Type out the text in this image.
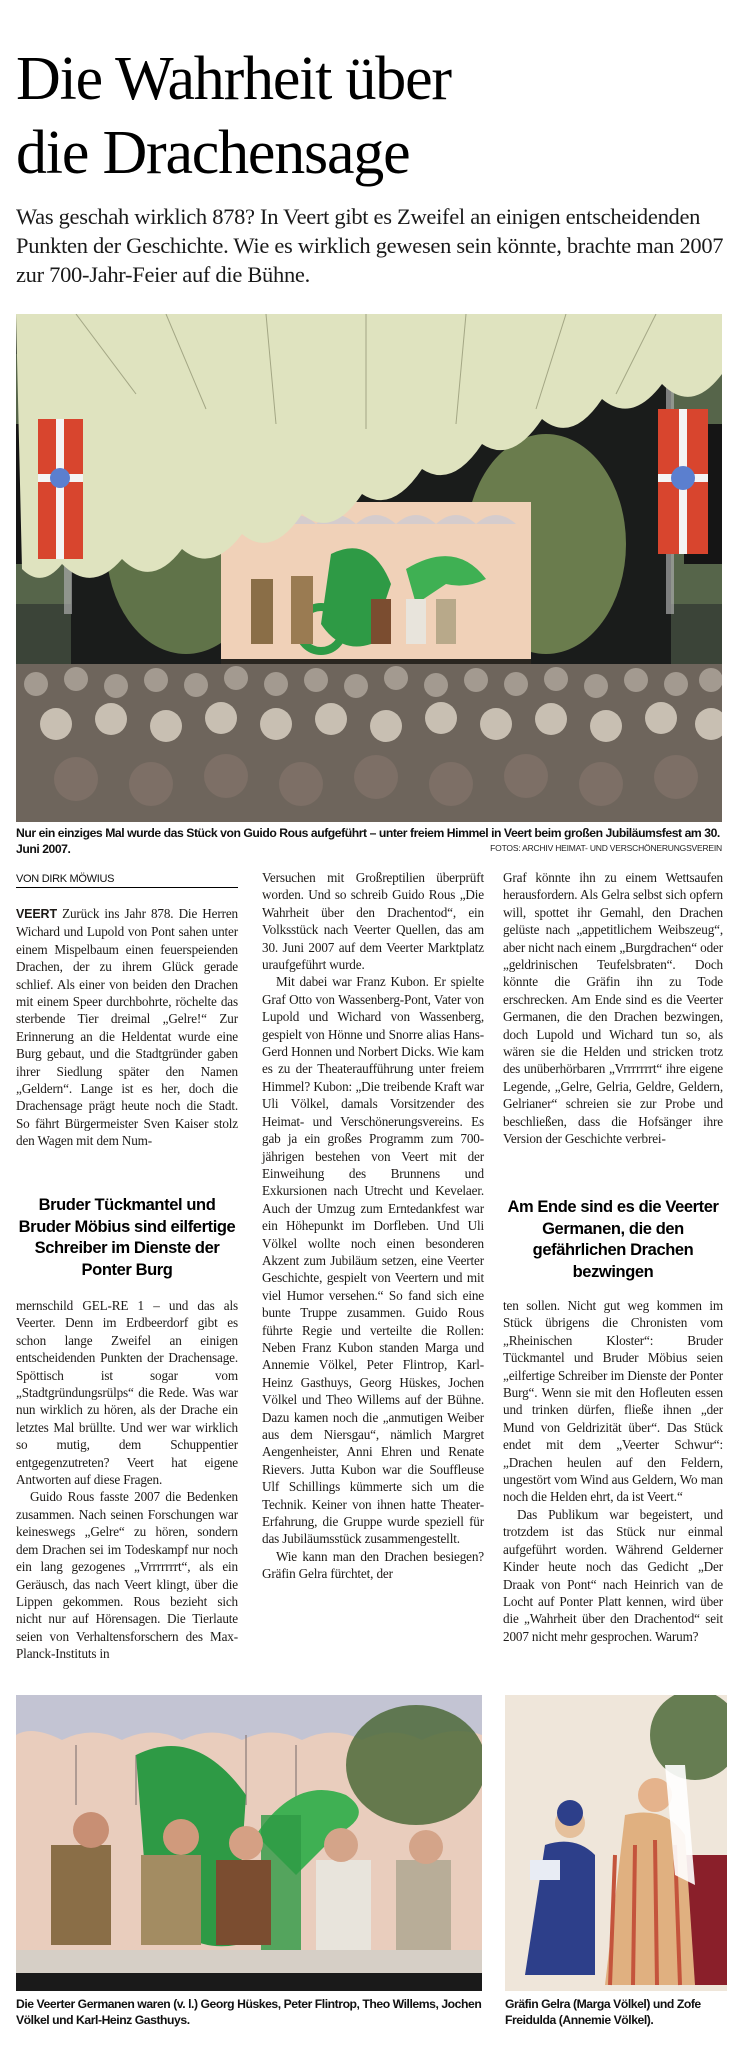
Die Wahrheit über
die Drachensage

Was geschah wirklich 878? In Veert gibt es Zweifel an einigen entscheidenden Punkten der Geschichte. Wie es wirklich gewesen sein könnte, brachte man 2007 zur 700-Jahr-Feier auf die Bühne.

Nur ein einziges Mal wurde das Stück von Guido Rous aufgeführt – unter freiem Himmel in Veert beim großen Jubiläumsfest am 30. Juni 2007.	FOTOS: ARCHIV HEIMAT- UND VERSCHÖNERUNGSVEREIN
VON DIRK MÖWIUS

VEERT Zurück ins Jahr 878. Die Herren Wichard und Lupold von Pont sahen unter einem Mispelbaum einen feuerspeienden Drachen, der zu ihrem Glück gerade schlief. Als einer von beiden den Drachen mit einem Speer durchbohrte, röchelte das sterbende Tier dreimal „Gelre!“ Zur Erinnerung an die Heldentat wurde eine Burg gebaut, und die Stadtgründer gaben ihrer Siedlung später den Namen „Geldern“. Lange ist es her, doch die Drachensage prägt heute noch die Stadt. So fährt Bürgermeister Sven Kaiser stolz den Wagen mit dem Num-

Bruder Tückmantel und Bruder Möbius sind eilfertige Schreiber im Dienste der Ponter Burg

mernschild GEL-RE 1 – und das als Veerter. Denn im Erdbeerdorf gibt es schon lange Zweifel an einigen entscheidenden Punkten der Drachensage. Spöttisch ist sogar vom „Stadtgründungsrülps“ die Rede. Was war nun wirklich zu hören, als der Drache ein letztes Mal brüllte. Und wer war wirklich so mutig, dem Schuppentier entgegenzutreten? Veert hat eigene Antworten auf diese Fragen.

Guido Rous fasste 2007 die Bedenken zusammen. Nach seinen Forschungen war keineswegs „Gelre“ zu hören, sondern dem Drachen sei im Todeskampf nur noch ein lang gezogenes „Vrrrrrrrt“, als ein Geräusch, das nach Veert klingt, über die Lippen gekommen. Rous bezieht sich nicht nur auf Hörensagen. Die Tierlaute seien von Verhaltensforschern des Max-Planck-Instituts in

Versuchen mit Großreptilien überprüft worden. Und so schreib Guido Rous „Die Wahrheit über den Drachentod“, ein Volksstück nach Veerter Quellen, das am 30. Juni 2007 auf dem Veerter Marktplatz uraufgeführt wurde.

Mit dabei war Franz Kubon. Er spielte Graf Otto von Wassenberg-Pont, Vater von Lupold und Wichard von Wassenberg, gespielt von Hönne und Snorre alias Hans-Gerd Honnen und Norbert Dicks. Wie kam es zu der Theateraufführung unter freiem Himmel? Kubon: „Die treibende Kraft war Uli Völkel, damals Vorsitzender des Heimat- und Verschönerungsvereins. Es gab ja ein großes Programm zum 700-jährigen bestehen von Veert mit der Einweihung des Brunnens und Exkursionen nach Utrecht und Kevelaer. Auch der Umzug zum Erntedankfest war ein Höhepunkt im Dorfleben. Und Uli Völkel wollte noch einen besonderen Akzent zum Jubiläum setzen, eine Veerter Geschichte, gespielt von Veertern und mit viel Humor versehen.“ So fand sich eine bunte Truppe zusammen. Guido Rous führte Regie und verteilte die Rollen: Neben Franz Kubon standen Marga und Annemie Völkel, Peter Flintrop, Karl-Heinz Gasthuys, Georg Hüskes, Jochen Völkel und Theo Willems auf der Bühne. Dazu kamen noch die „anmutigen Weiber aus dem Niersgau“, nämlich Margret Aengenheister, Anni Ehren und Renate Rievers. Jutta Kubon war die Souffleuse Ulf Schillings kümmerte sich um die Technik. Keiner von ihnen hatte Theater-Erfahrung, die Gruppe wurde speziell für das Jubiläumsstück zusammengestellt.

Wie kann man den Drachen besiegen? Gräfin Gelra fürchtet, der

Graf könnte ihn zu einem Wettsaufen herausfordern. Als Gelra selbst sich opfern will, spottet ihr Gemahl, den Drachen gelüste nach „appetitlichem Weibszeug“, aber nicht nach einem „Burgdrachen“ oder „geldrinischen Teufelsbraten“. Doch könnte die Gräfin ihn zu Tode erschrecken. Am Ende sind es die Veerter Germanen, die den Drachen bezwingen, doch Lupold und Wichard tun so, als wären sie die Helden und stricken trotz des unüberhörbaren „Vrrrrrrrt“ ihre eigene Legende, „Gelre, Gelria, Geldre, Geldern, Gelrianer“ schreien sie zur Probe und beschließen, dass die Hofsänger ihre Version der Geschichte verbrei-

Am Ende sind es die Veerter Germanen, die den gefährlichen Drachen bezwingen

ten sollen. Nicht gut weg kommen im Stück übrigens die Chronisten vom „Rheinischen Kloster“: Bruder Tückmantel und Bruder Möbius seien „eilfertige Schreiber im Dienste der Ponter Burg“. Wenn sie mit den Hofleuten essen und trinken dürfen, fließe ihnen „der Mund von Geldrizität über“. Das Stück endet mit dem „Veerter Schwur“: „Drachen heulen auf den Feldern, ungestört vom Wind aus Geldern, Wo man noch die Helden ehrt, da ist Veert.“

Das Publikum war begeistert, und trotzdem ist das Stück nur einmal aufgeführt worden. Während Gelderner Kinder heute noch das Gedicht „Der Draak von Pont“ nach Heinrich van de Locht auf Ponter Platt kennen, wird über die „Wahrheit über den Drachentod“ seit 2007 nicht mehr gesprochen. Warum?

Die Veerter Germanen waren (v. l.) Georg Hüskes, Peter Flintrop, Theo Willems, Jochen Völkel und Karl-Heinz Gasthuys.

Gräfin Gelra (Marga Völkel) und Zofe Freidulda (Annemie Völkel).
